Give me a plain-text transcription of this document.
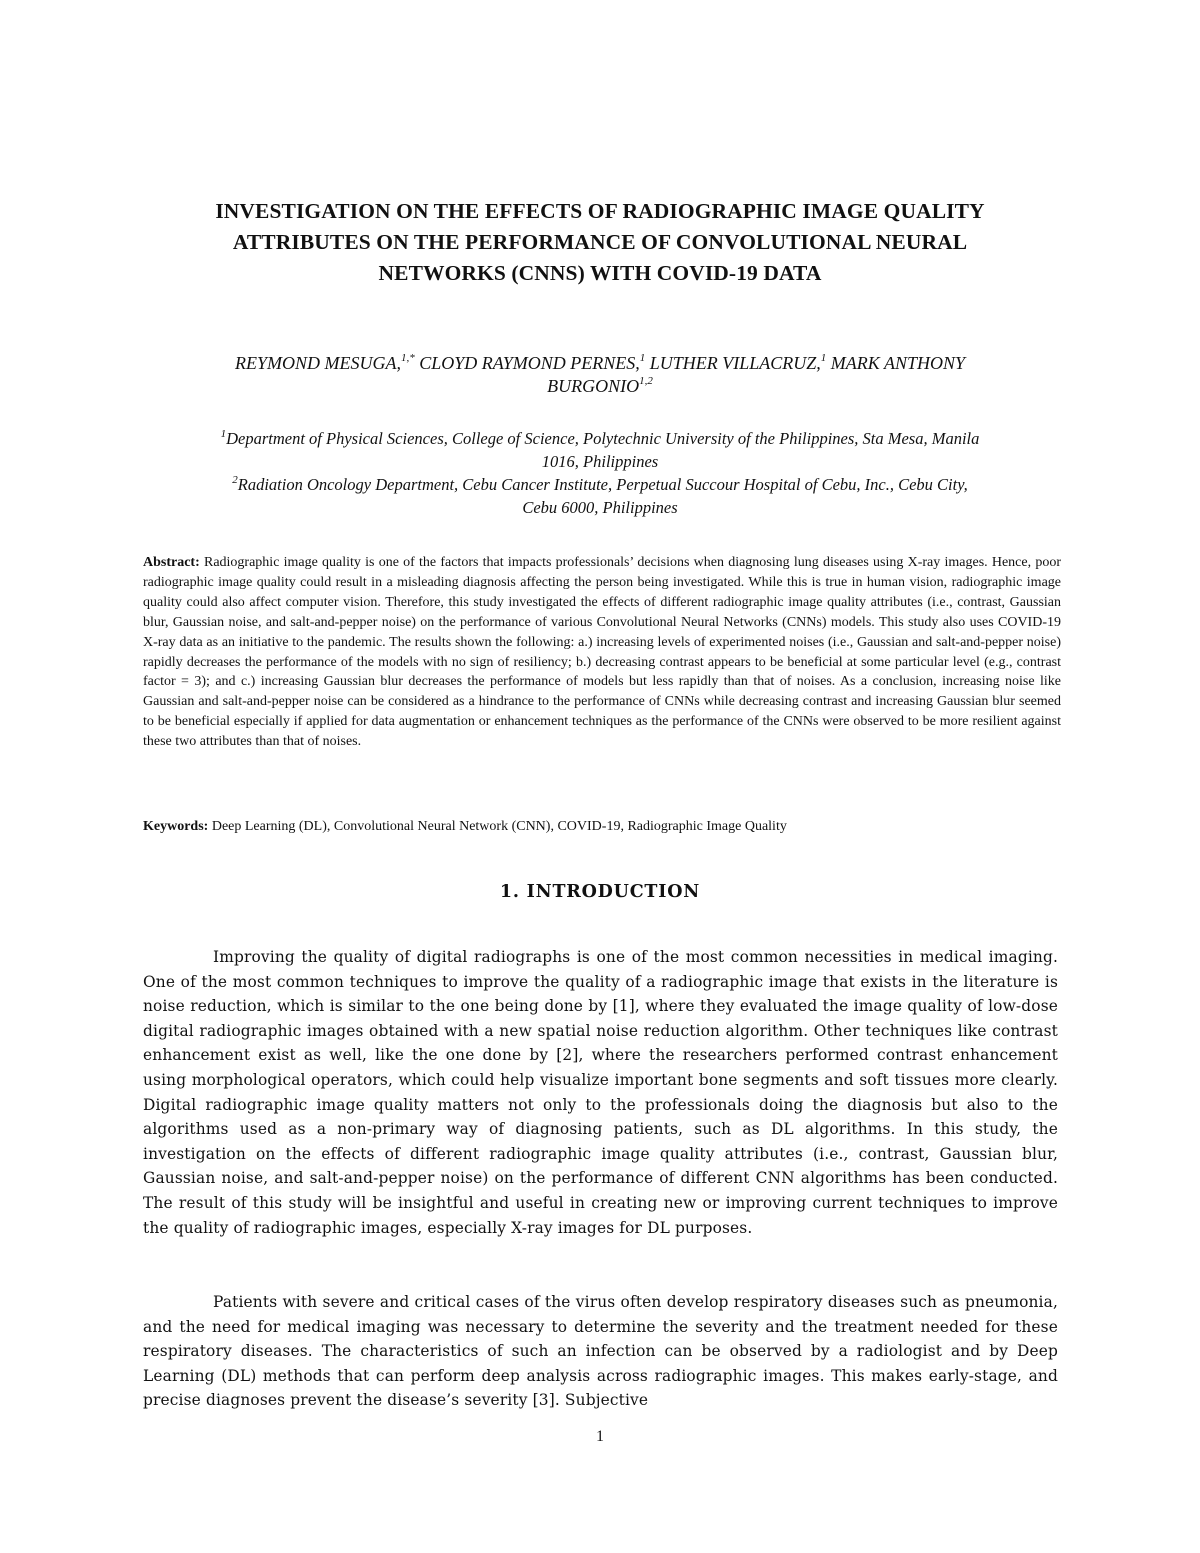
INVESTIGATION ON THE EFFECTS OF RADIOGRAPHIC IMAGE QUALITY
ATTRIBUTES ON THE PERFORMANCE OF CONVOLUTIONAL NEURAL
NETWORKS (CNNS) WITH COVID-19 DATA
REYMOND MESUGA,$^{1,*}$ CLOYD RAYMOND PERNES,$^1$ LUTHER VILLACRUZ,$^1$ MARK ANTHONY
BURGONIO$^{1,2}$
$^1$Department of Physical Sciences, College of Science, Polytechnic University of the Philippines, Sta Mesa, Manila
1016, Philippines
$^2$Radiation Oncology Department, Cebu Cancer Institute, Perpetual Succour Hospital of Cebu, Inc., Cebu City,
Cebu 6000, Philippines
Abstract: Radiographic image quality is one of the factors that impacts professionals’ decisions when diagnosing lung diseases using X-ray images. Hence, poor radiographic image quality could result in a misleading diagnosis affecting the person being investigated. While this is true in human vision, radiographic image quality could also affect computer vision. Therefore, this study investigated the effects of different radiographic image quality attributes (i.e., contrast, Gaussian blur, Gaussian noise, and salt-and-pepper noise) on the performance of various Convolutional Neural Networks (CNNs) models. This study also uses COVID-19 X-ray data as an initiative to the pandemic. The results shown the following: a.) increasing levels of experimented noises (i.e., Gaussian and salt-and-pepper noise) rapidly decreases the performance of the models with no sign of resiliency; b.) decreasing contrast appears to be beneficial at some particular level (e.g., contrast factor = 3); and c.) increasing Gaussian blur decreases the performance of models but less rapidly than that of noises. As a conclusion, increasing noise like Gaussian and salt-and-pepper noise can be considered as a hindrance to the performance of CNNs while decreasing contrast and increasing Gaussian blur seemed to be beneficial especially if applied for data augmentation or enhancement techniques as the performance of the CNNs were observed to be more resilient against these two attributes than that of noises.
Keywords: Deep Learning (DL), Convolutional Neural Network (CNN), COVID-19, Radiographic Image Quality
1. INTRODUCTION
Improving the quality of digital radiographs is one of the most common necessities in medical imaging. One of the most common techniques to improve the quality of a radiographic image that exists in the literature is noise reduction, which is similar to the one being done by [1], where they evaluated the image quality of low-dose digital radiographic images obtained with a new spatial noise reduction algorithm. Other techniques like contrast enhancement exist as well, like the one done by [2], where the researchers performed contrast enhancement using morphological operators, which could help visualize important bone segments and soft tissues more clearly. Digital radiographic image quality matters not only to the professionals doing the diagnosis but also to the algorithms used as a non-primary way of diagnosing patients, such as DL algorithms. In this study, the investigation on the effects of different radiographic image quality attributes (i.e., contrast, Gaussian blur, Gaussian noise, and salt-and-pepper noise) on the performance of different CNN algorithms has been conducted. The result of this study will be insightful and useful in creating new or improving current techniques to improve the quality of radiographic images, especially X-ray images for DL purposes.
Patients with severe and critical cases of the virus often develop respiratory diseases such as pneumonia, and the need for medical imaging was necessary to determine the severity and the treatment needed for these respiratory diseases. The characteristics of such an infection can be observed by a radiologist and by Deep Learning (DL) methods that can perform deep analysis across radiographic images. This makes early-stage, and precise diagnoses prevent the disease’s severity [3]. Subjective
1
